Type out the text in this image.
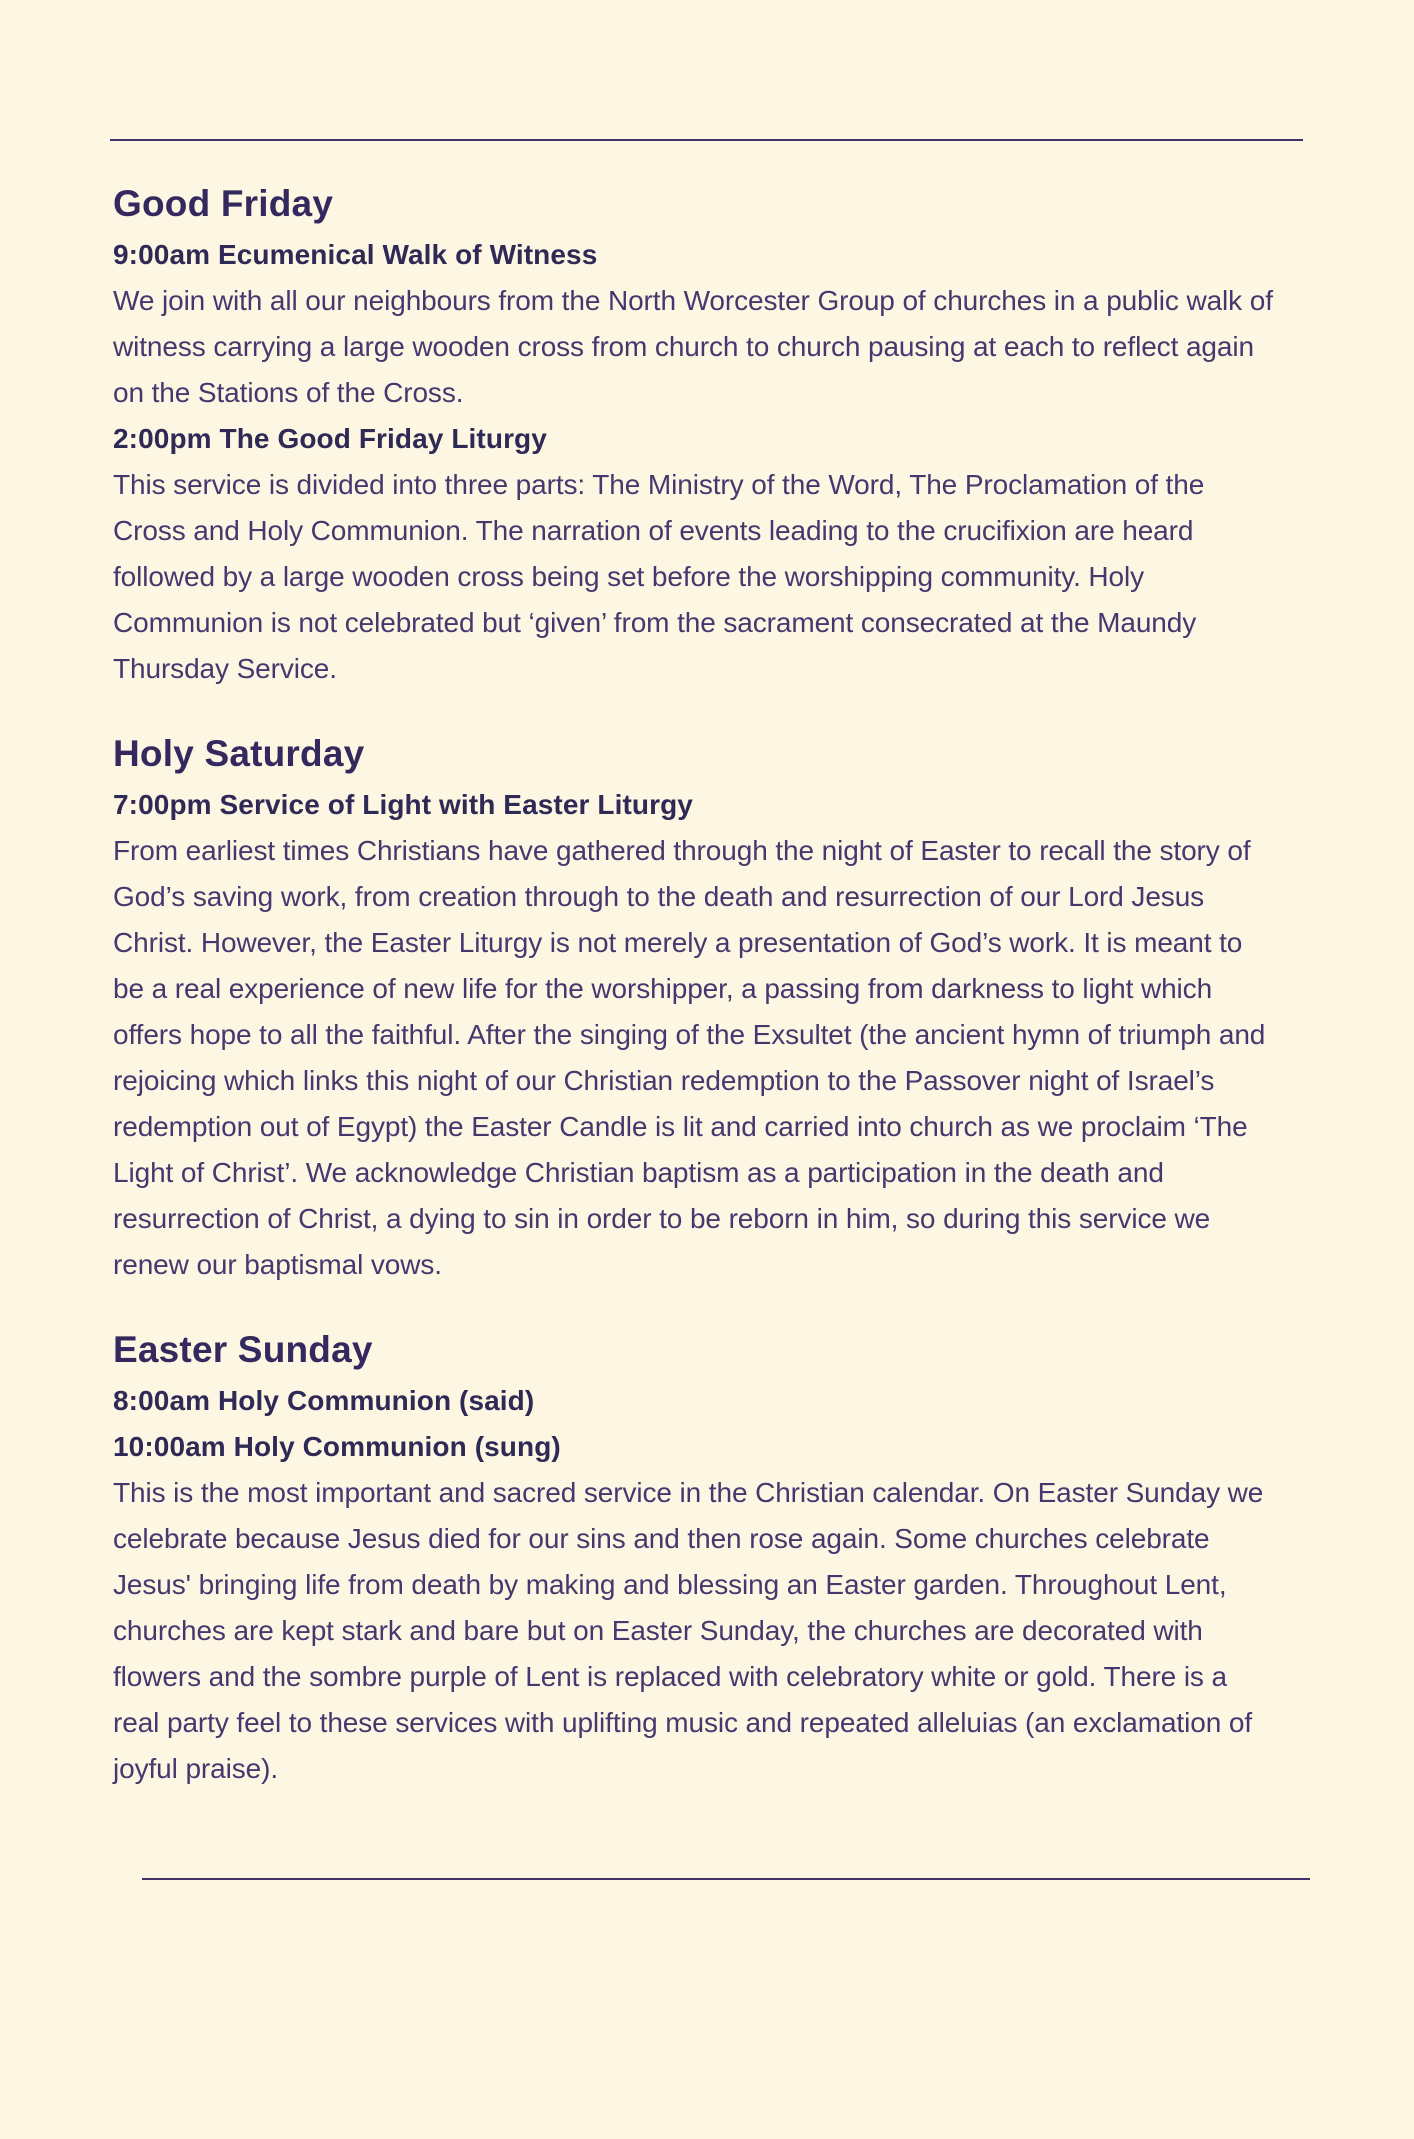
Good Friday
9:00am Ecumenical Walk of Witness

We join with all our neighbours from the North Worcester Group of churches in a public walk of witness carrying a large wooden cross from church to church pausing at each to reflect again on the Stations of the Cross.

2:00pm The Good Friday Liturgy

This service is divided into three parts: The Ministry of the Word, The Proclamation of the Cross and Holy Communion. The narration of events leading to the crucifixion are heard followed by a large wooden cross being set before the worshipping community. Holy Communion is not celebrated but ‘given’ from the sacrament consecrated at the Maundy Thursday Service.

Holy Saturday
7:00pm Service of Light with Easter Liturgy

From earliest times Christians have gathered through the night of Easter to recall the story of God’s saving work, from creation through to the death and resurrection of our Lord Jesus Christ. However, the Easter Liturgy is not merely a presentation of God’s work. It is meant to be a real experience of new life for the worshipper, a passing from darkness to light which offers hope to all the faithful. After the singing of the Exsultet (the ancient hymn of triumph and rejoicing which links this night of our Christian redemption to the Passover night of Israel’s redemption out of Egypt) the Easter Candle is lit and carried into church as we proclaim ‘The Light of Christ’. We acknowledge Christian baptism as a participation in the death and resurrection of Christ, a dying to sin in order to be reborn in him, so during this service we renew our baptismal vows.

Easter Sunday
8:00am Holy Communion (said)
10:00am Holy Communion (sung)

This is the most important and sacred service in the Christian calendar. On Easter Sunday we celebrate because Jesus died for our sins and then rose again. Some churches celebrate Jesus' bringing life from death by making and blessing an Easter garden. Throughout Lent, churches are kept stark and bare but on Easter Sunday, the churches are decorated with flowers and the sombre purple of Lent is replaced with celebratory white or gold. There is a real party feel to these services with uplifting music and repeated alleluias (an exclamation of joyful praise).
